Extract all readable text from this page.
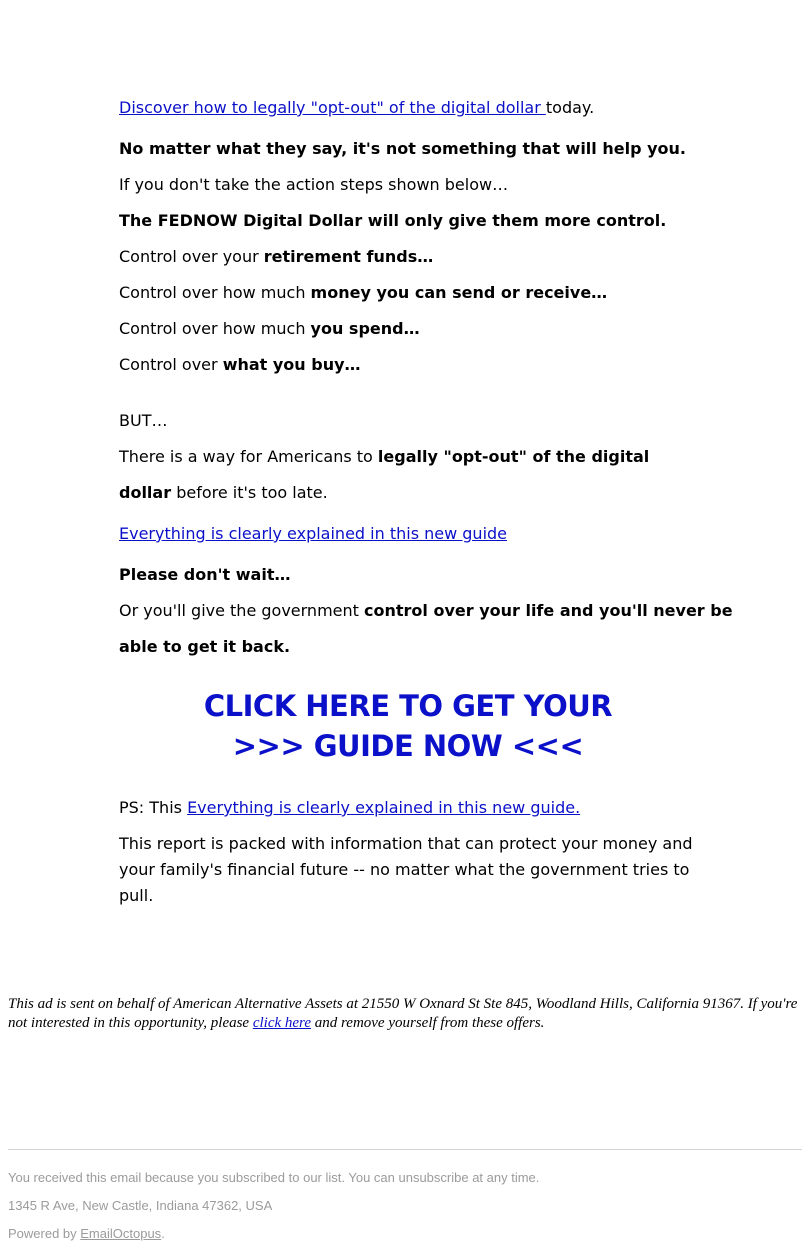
Discover how to legally "opt-out" of the digital dollar today.
No matter what they say, it's not something that will help you.
If you don't take the action steps shown below…
The FEDNOW Digital Dollar will only give them more control.
Control over your retirement funds…
Control over how much money you can send or receive…
Control over how much you spend…
Control over what you buy…
BUT…
There is a way for Americans to legally "opt-out" of the digital
dollar before it's too late.
Everything is clearly explained in this new guide
Please don't wait…
Or you'll give the government control over your life and you'll never be
able to get it back.
CLICK HERE TO GET YOUR
>>> GUIDE NOW <<<
PS: This Everything is clearly explained in this new guide.
This report is packed with information that can protect your money and your family's financial future -- no matter what the government tries to pull.
This ad is sent on behalf of American Alternative Assets at 21550 W Oxnard St Ste 845, Woodland Hills, California 91367. If you're not interested in this opportunity, please click here and remove yourself from these offers.
You received this email because you subscribed to our list. You can unsubscribe at any time.
1345 R Ave, New Castle, Indiana 47362, USA
Powered by EmailOctopus.
